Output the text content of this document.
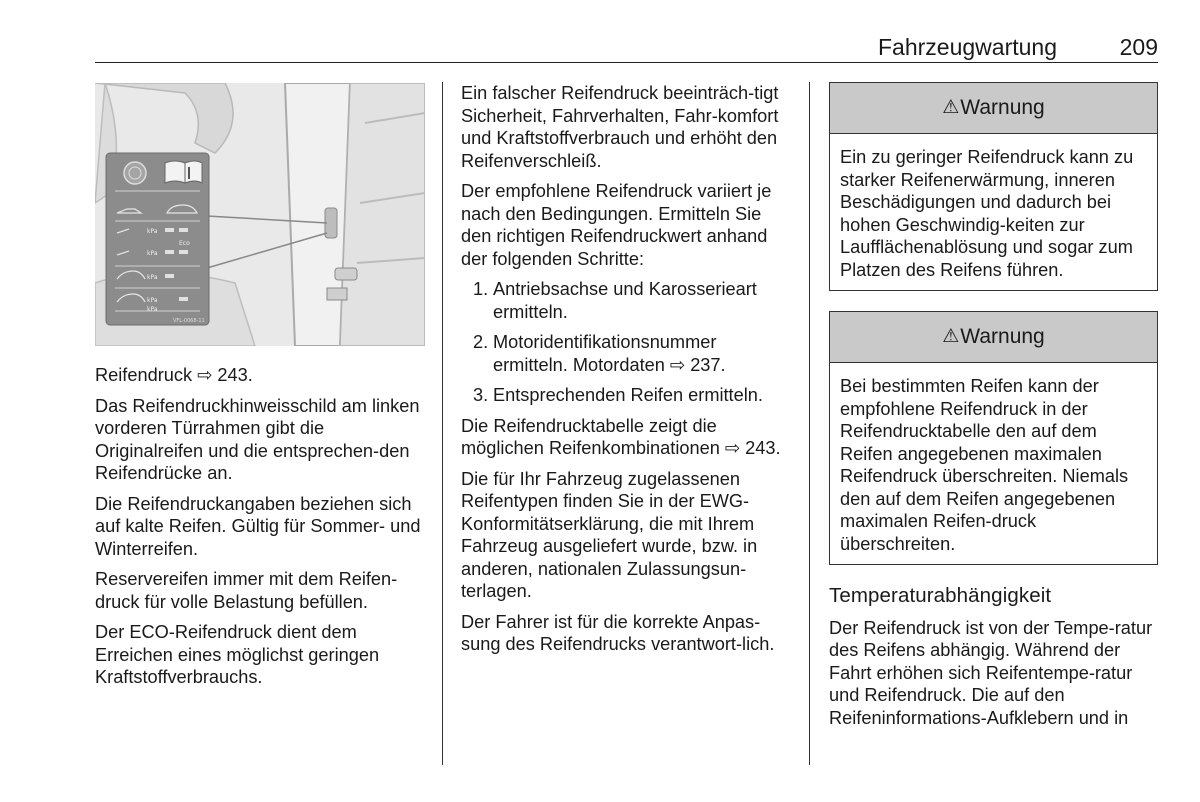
Fahrzeugwartung	209
kPa
kPa
kPa
kPa
kPa
Eco
VFL-0068-11

Reifendruck ⇨ 243.

Das Reifendruckhinweisschild am linken vorderen Türrahmen gibt die Originalreifen und die entsprechen-den Reifendrücke an.

Die Reifendruckangaben beziehen sich auf kalte Reifen. Gültig für Sommer- und Winterreifen.

Reservereifen immer mit dem Reifen-druck für volle Belastung befüllen.

Der ECO-Reifendruck dient dem Erreichen eines möglichst geringen Kraftstoffverbrauchs.

Ein falscher Reifendruck beeinträch-tigt Sicherheit, Fahrverhalten, Fahr-komfort und Kraftstoffverbrauch und erhöht den Reifenverschleiß.

Der empfohlene Reifendruck variiert je nach den Bedingungen. Ermitteln Sie den richtigen Reifendruckwert anhand der folgenden Schritte:

1. Antriebsachse und Karosserieart ermitteln.
2. Motoridentifikationsnummer ermitteln. Motordaten ⇨ 237.
3. Entsprechenden Reifen ermitteln.

Die Reifendrucktabelle zeigt die möglichen Reifenkombinationen ⇨ 243.

Die für Ihr Fahrzeug zugelassenen Reifentypen finden Sie in der EWG-Konformitätserklärung, die mit Ihrem Fahrzeug ausgeliefert wurde, bzw. in anderen, nationalen Zulassungsun-terlagen.

Der Fahrer ist für die korrekte Anpas-sung des Reifendrucks verantwort-lich.

⚠ Warnung
Ein zu geringer Reifendruck kann zu starker Reifenerwärmung, inneren Beschädigungen und dadurch bei hohen Geschwindig-keiten zur Laufflächenablösung und sogar zum Platzen des Reifens führen.
⚠ Warnung
Bei bestimmten Reifen kann der empfohlene Reifendruck in der Reifendrucktabelle den auf dem Reifen angegebenen maximalen Reifendruck überschreiten. Niemals den auf dem Reifen angegebenen maximalen Reifen-druck überschreiten.
Temperaturabhängigkeit

Der Reifendruck ist von der Tempe-ratur des Reifens abhängig. Während der Fahrt erhöhen sich Reifentempe-ratur und Reifendruck. Die auf den Reifeninformations-Aufklebern und in
